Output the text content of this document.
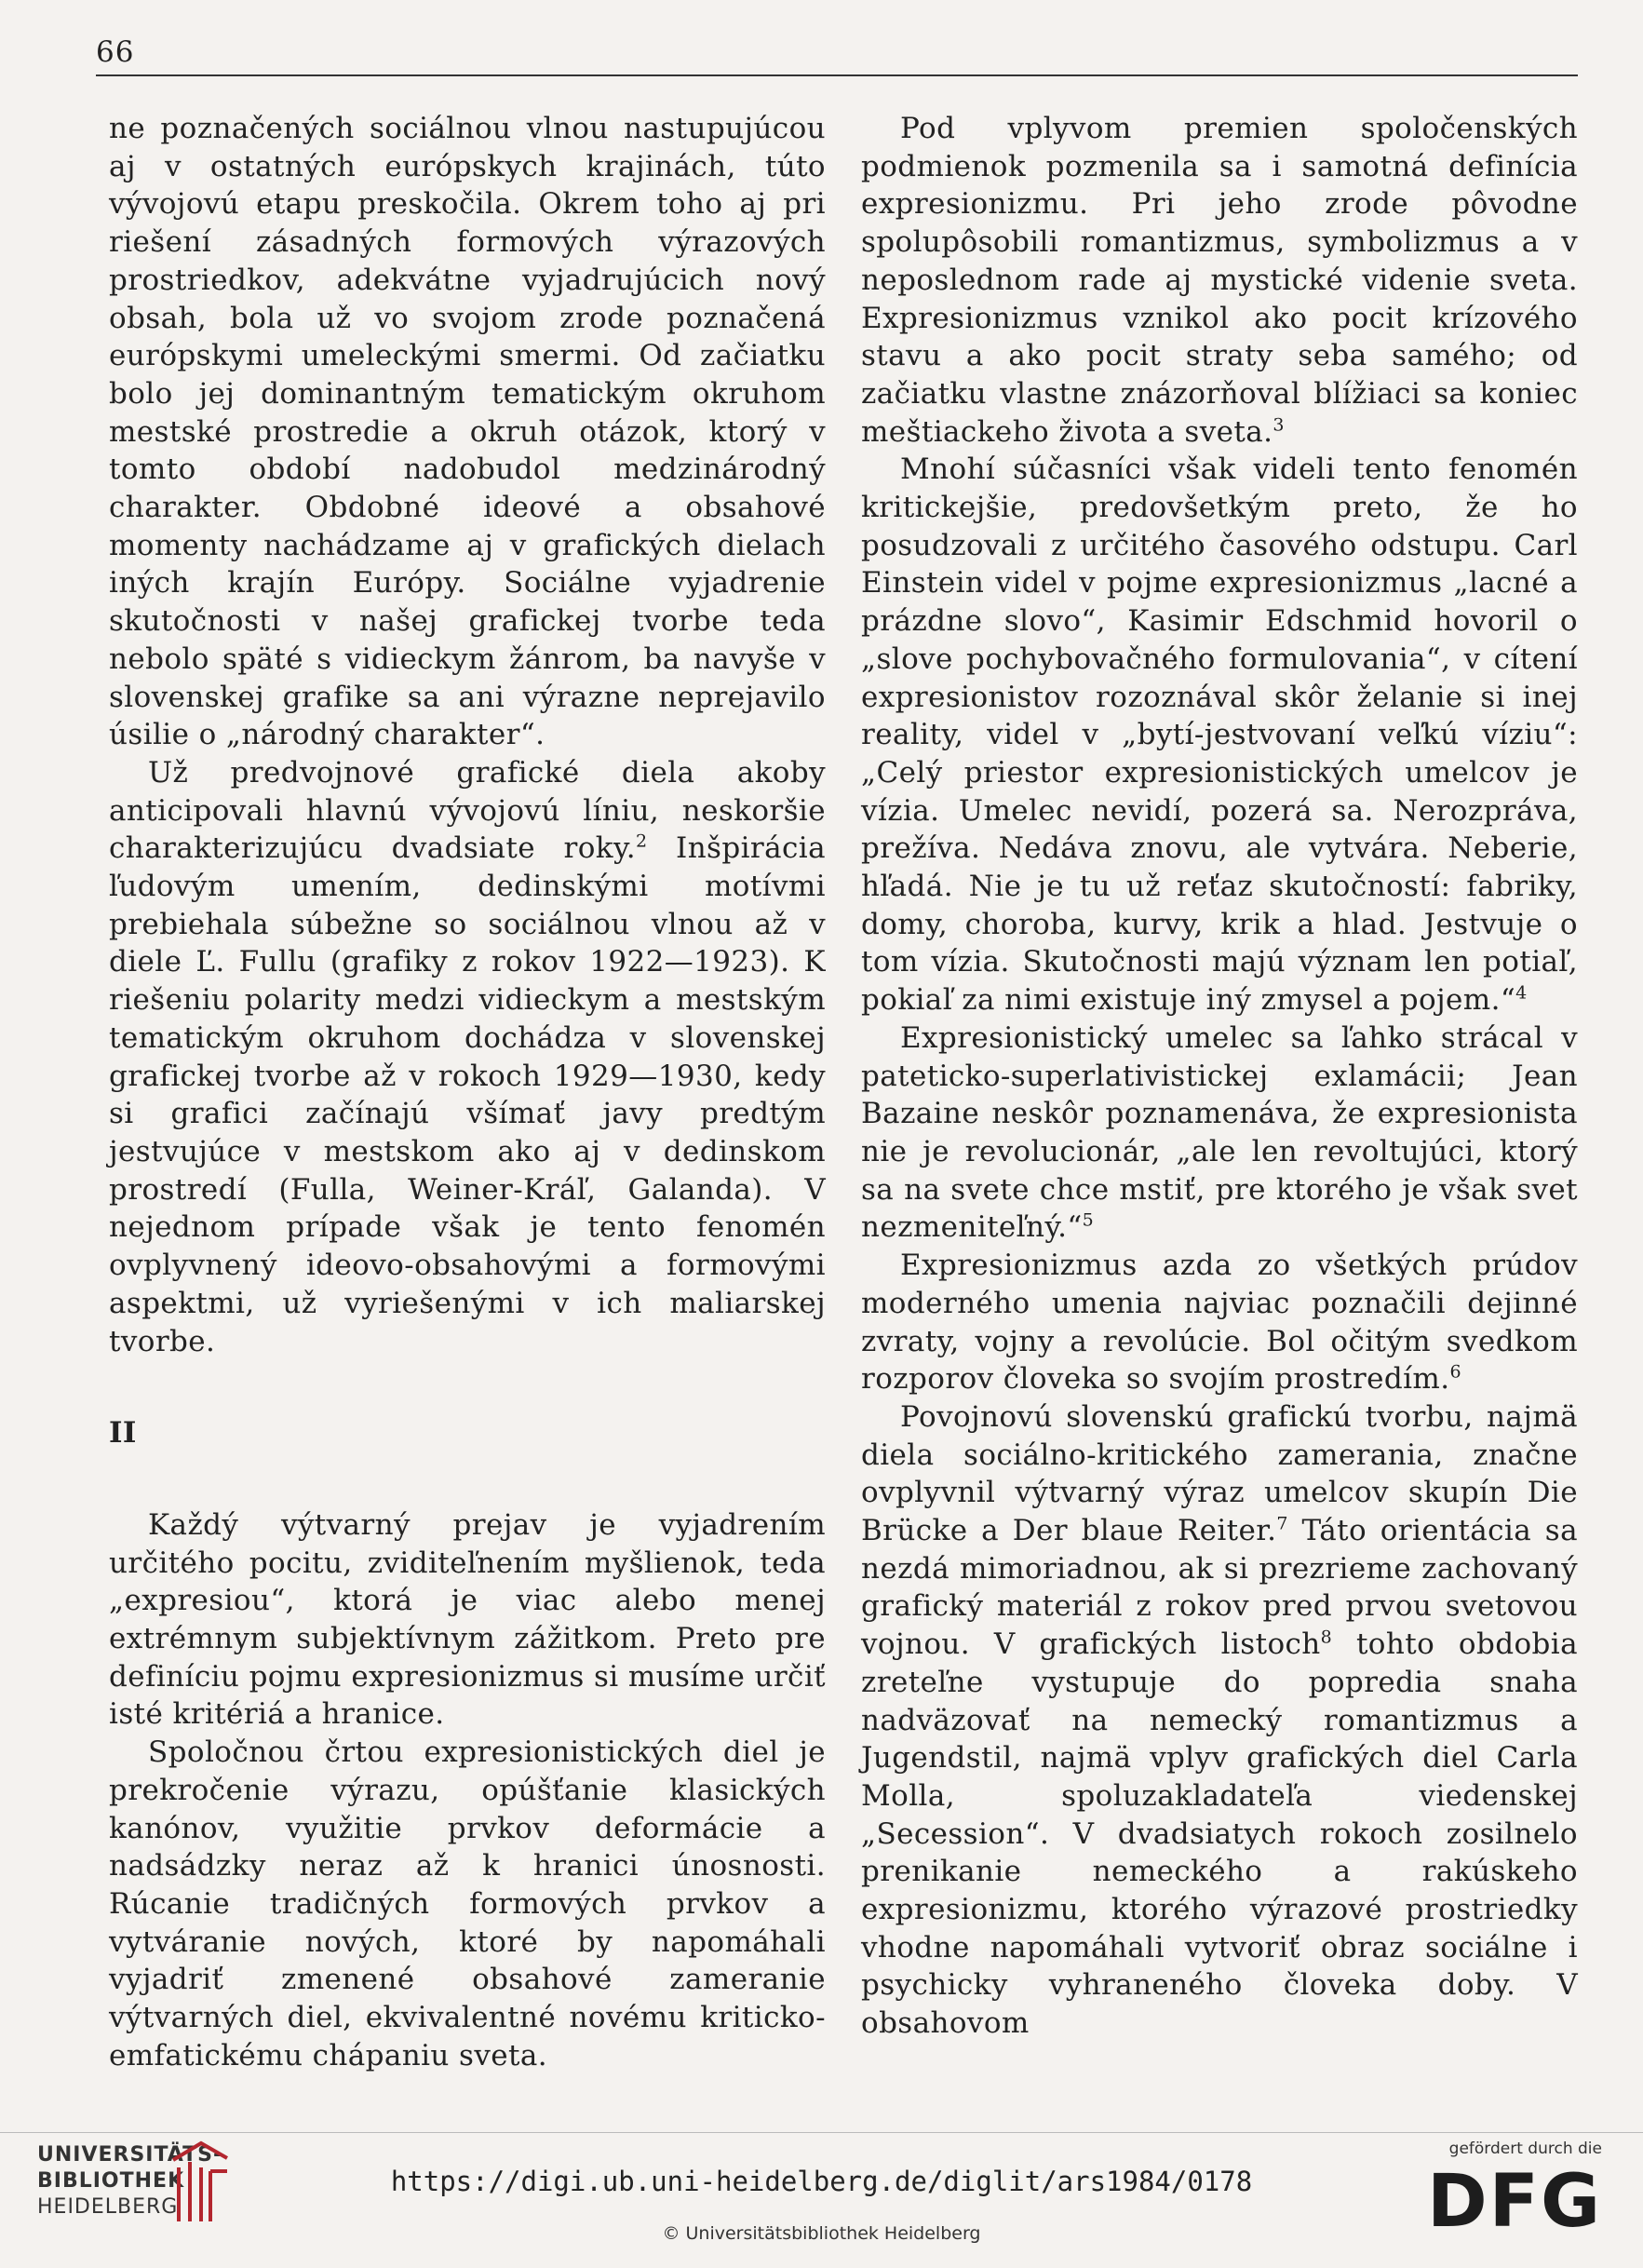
66

ne poznačených sociálnou vlnou nastupujúcou aj v ostatných európskych krajinách, túto vývojovú etapu preskočila. Okrem toho aj pri riešení zásadných formových výrazových prostriedkov, adekvátne vyjadrujúcich nový obsah, bola už vo svojom zrode poznačená európskymi umeleckými smermi. Od začiatku bolo jej dominantným tematickým okruhom mestské prostredie a okruh otázok, ktorý v tomto období nadobudol medzinárodný charakter. Obdobné ideové a obsahové momenty nachádzame aj v grafických dielach iných krajín Európy. Sociálne vyjadrenie skutočnosti v našej grafickej tvorbe teda nebolo späté s vidieckym žánrom, ba navyše v slovenskej grafike sa ani výrazne neprejavilo úsilie o „národný charakter“.

Už predvojnové grafické diela akoby anticipovali hlavnú vývojovú líniu, neskoršie charakterizujúcu dvadsiate roky.$^2$ Inšpirácia ľudovým umením, dedinskými motívmi prebiehala súbežne so sociálnou vlnou až v diele Ľ. Fullu (grafiky z rokov 1922—1923). K riešeniu polarity medzi vidieckym a mestským tematickým okruhom dochádza v slovenskej grafickej tvorbe až v rokoch 1929—1930, kedy si grafici začínajú všímať javy predtým jestvujúce v mestskom ako aj v dedinskom prostredí (Fulla, Weiner-Kráľ, Galanda). V nejednom prípade však je tento fenomén ovplyvnený ideovo-obsahovými a formovými aspektmi, už vyriešenými v ich maliarskej tvorbe.

II

Každý výtvarný prejav je vyjadrením určitého pocitu, zviditeľnením myšlienok, teda „expresiou“, ktorá je viac alebo menej extrémnym subjektívnym zážitkom. Preto pre definíciu pojmu expresionizmus si musíme určiť isté kritériá a hranice.

Spoločnou črtou expresionistických diel je prekročenie výrazu, opúšťanie klasických kanónov, využitie prvkov deformácie a nadsádzky neraz až k hranici únosnosti. Rúcanie tradičných formových prvkov a vytváranie nových, ktoré by napomáhali vyjadriť zmenené obsahové zameranie výtvarných diel, ekvivalentné novému kriticko-emfatickému chápaniu sveta.

Pod vplyvom premien spoločenských podmienok pozmenila sa i samotná definícia expresionizmu. Pri jeho zrode pôvodne spolupôsobili romantizmus, symbolizmus a v neposlednom rade aj mystické videnie sveta. Expresionizmus vznikol ako pocit krízového stavu a ako pocit straty seba samého; od začiatku vlastne znázorňoval blížiaci sa koniec meštiackeho života a sveta.$^3$

Mnohí súčasníci však videli tento fenomén kritickejšie, predovšetkým preto, že ho posudzovali z určitého časového odstupu. Carl Einstein videl v pojme expresionizmus „lacné a prázdne slovo“, Kasimir Edschmid hovoril o „slove pochybovačného formulovania“, v cítení expresionistov rozoznával skôr želanie si inej reality, videl v „bytí-jestvovaní veľkú víziu“: „Celý priestor expresionistických umelcov je vízia. Umelec nevidí, pozerá sa. Nerozpráva, prežíva. Nedáva znovu, ale vytvára. Neberie, hľadá. Nie je tu už reťaz skutočností: fabriky, domy, choroba, kurvy, krik a hlad. Jestvuje o tom vízia. Skutočnosti majú význam len potiaľ, pokiaľ za nimi existuje iný zmysel a pojem.“$^4$

Expresionistický umelec sa ľahko strácal v pateticko-superlativistickej exlamácii; Jean Bazaine neskôr poznamenáva, že expresionista nie je revolucionár, „ale len revoltujúci, ktorý sa na svete chce mstiť, pre ktorého je však svet nezmeniteľný.“$^5$

Expresionizmus azda zo všetkých prúdov moderného umenia najviac poznačili dejinné zvraty, vojny a revolúcie. Bol očitým svedkom rozporov človeka so svojím prostredím.$^6$

Povojnovú slovenskú grafickú tvorbu, najmä diela sociálno-kritického zamerania, značne ovplyvnil výtvarný výraz umelcov skupín Die Brücke a Der blaue Reiter.$^7$ Táto orientácia sa nezdá mimoriadnou, ak si prezrieme zachovaný grafický materiál z rokov pred prvou svetovou vojnou. V grafických listoch$^8$ tohto obdobia zreteľne vystupuje do popredia snaha nadväzovať na nemecký romantizmus a Jugendstil, najmä vplyv grafických diel Carla Molla, spoluzakladateľa viedenskej „Secession“. V dvadsiatych rokoch zosilnelo prenikanie nemeckého a rakúskeho expresionizmu, ktorého výrazové prostriedky vhodne napomáhali vytvoriť obraz sociálne i psychicky vyhraneného človeka doby. V obsahovom

UNIVERSITÄTS-
BIBLIOTHEK
HEIDELBERG
https://digi.ub.uni-heidelberg.de/diglit/ars1984/0178
© Universitätsbibliothek Heidelberg
gefördert durch die
DFG
